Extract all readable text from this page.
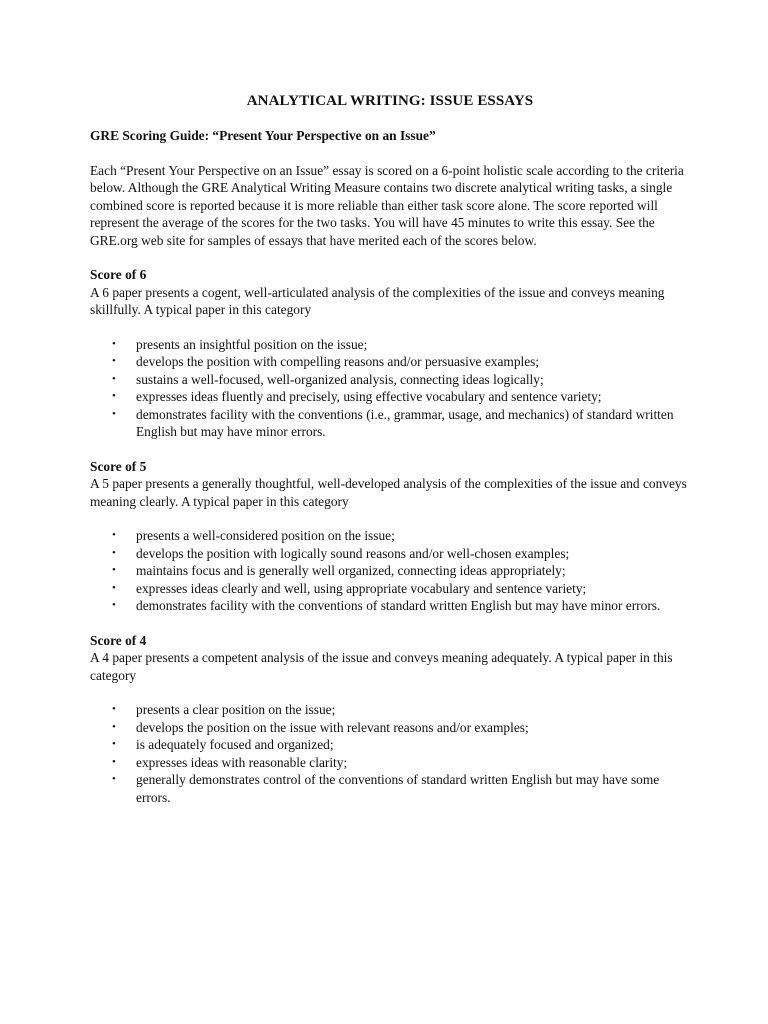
ANALYTICAL WRITING: ISSUE ESSAYS

GRE Scoring Guide: “Present Your Perspective on an Issue”

Each “Present Your Perspective on an Issue” essay is scored on a 6-point holistic scale according to the criteria below. Although the GRE Analytical Writing Measure contains two discrete analytical writing tasks, a single combined score is reported because it is more reliable than either task score alone. The score reported will represent the average of the scores for the two tasks. You will have 45 minutes to write this essay. See the GRE.org web site for samples of essays that have merited each of the scores below.

Score of 6

A 6 paper presents a cogent, well-articulated analysis of the complexities of the issue and conveys meaning skillfully. A typical paper in this category

• presents an insightful position on the issue;
• develops the position with compelling reasons and/or persuasive examples;
• sustains a well-focused, well-organized analysis, connecting ideas logically;
• expresses ideas fluently and precisely, using effective vocabulary and sentence variety;
• demonstrates facility with the conventions (i.e., grammar, usage, and mechanics) of standard written English but may have minor errors.

Score of 5

A 5 paper presents a generally thoughtful, well-developed analysis of the complexities of the issue and conveys meaning clearly. A typical paper in this category

• presents a well-considered position on the issue;
• develops the position with logically sound reasons and/or well-chosen examples;
• maintains focus and is generally well organized, connecting ideas appropriately;
• expresses ideas clearly and well, using appropriate vocabulary and sentence variety;
• demonstrates facility with the conventions of standard written English but may have minor errors.

Score of 4

A 4 paper presents a competent analysis of the issue and conveys meaning adequately. A typical paper in this category

• presents a clear position on the issue;
• develops the position on the issue with relevant reasons and/or examples;
• is adequately focused and organized;
• expresses ideas with reasonable clarity;
• generally demonstrates control of the conventions of standard written English but may have some errors.
